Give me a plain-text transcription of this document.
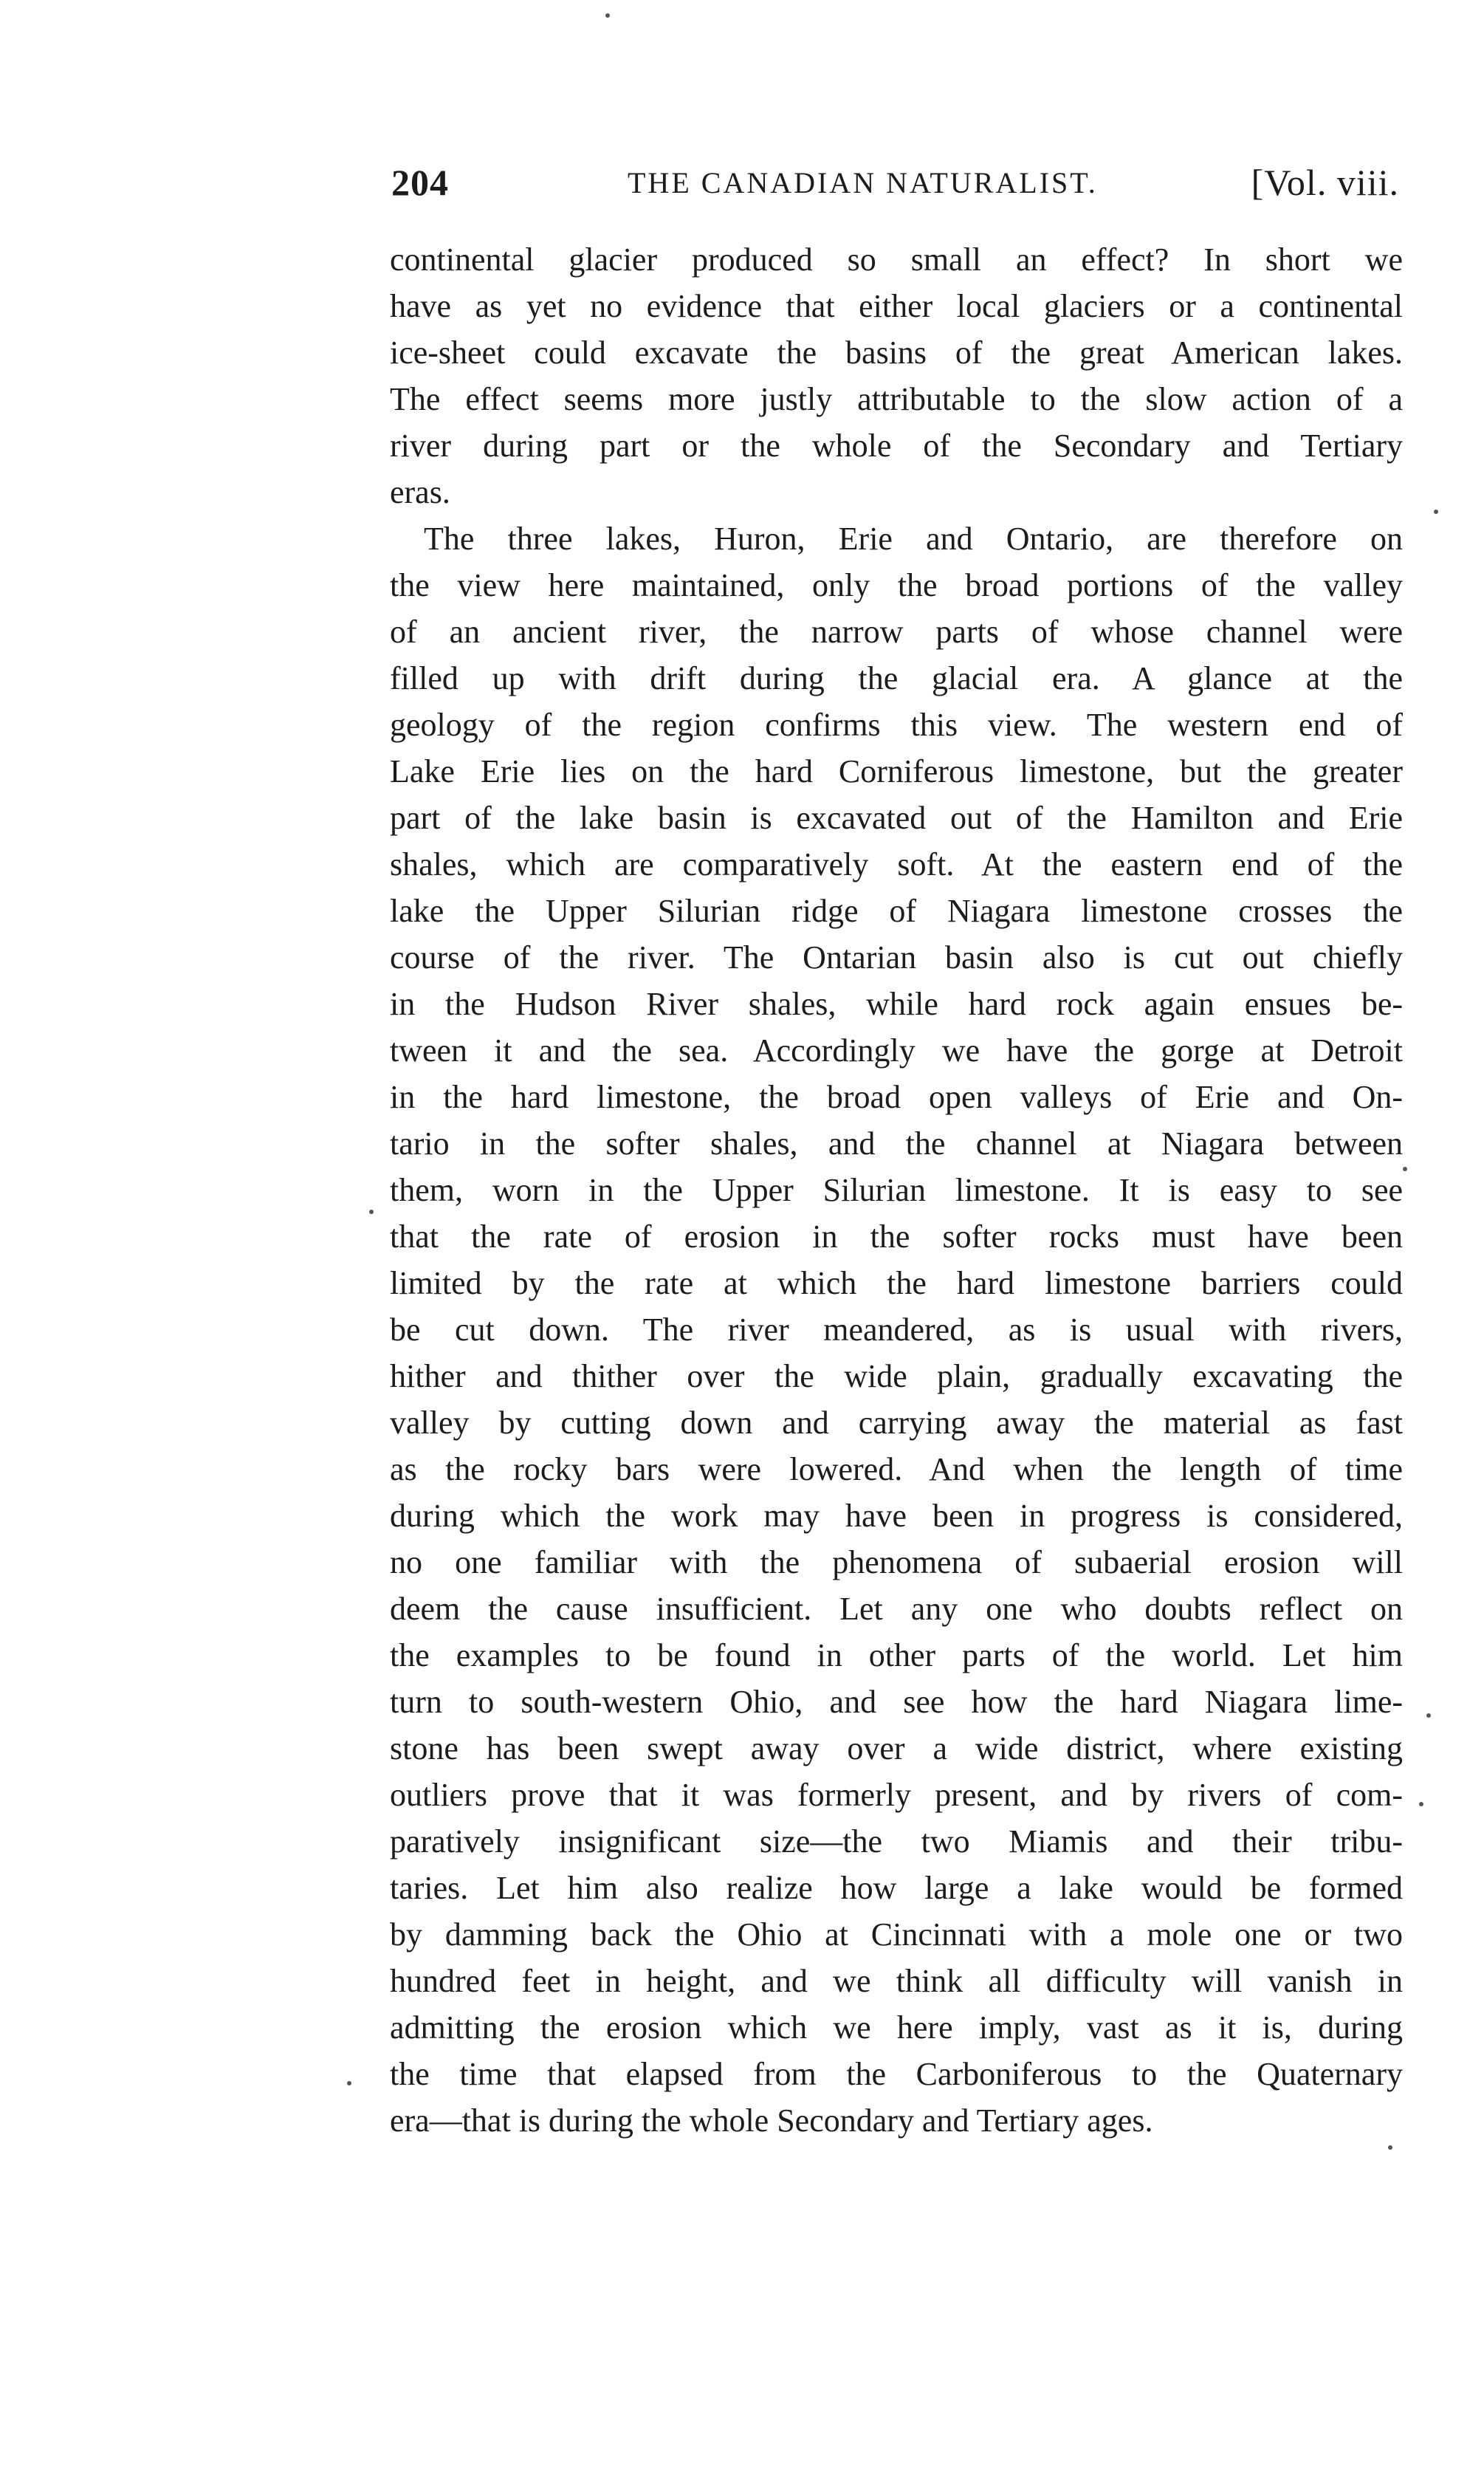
204	THE CANADIAN NATURALIST.	[Vol. viii.
continental glacier produced so small an effect? In short we
have as yet no evidence that either local glaciers or a continental
ice-sheet could excavate the basins of the great American lakes.
The effect seems more justly attributable to the slow action of a
river during part or the whole of the Secondary and Tertiary
eras.
The three lakes, Huron, Erie and Ontario, are therefore on
the view here maintained, only the broad portions of the valley
of an ancient river, the narrow parts of whose channel were
filled up with drift during the glacial era. A glance at the
geology of the region confirms this view. The western end of
Lake Erie lies on the hard Corniferous limestone, but the greater
part of the lake basin is excavated out of the Hamilton and Erie
shales, which are comparatively soft. At the eastern end of the
lake the Upper Silurian ridge of Niagara limestone crosses the
course of the river. The Ontarian basin also is cut out chiefly
in the Hudson River shales, while hard rock again ensues be-
tween it and the sea. Accordingly we have the gorge at Detroit
in the hard limestone, the broad open valleys of Erie and On-
tario in the softer shales, and the channel at Niagara between
them, worn in the Upper Silurian limestone. It is easy to see
that the rate of erosion in the softer rocks must have been
limited by the rate at which the hard limestone barriers could
be cut down. The river meandered, as is usual with rivers,
hither and thither over the wide plain, gradually excavating the
valley by cutting down and carrying away the material as fast
as the rocky bars were lowered. And when the length of time
during which the work may have been in progress is considered,
no one familiar with the phenomena of subaerial erosion will
deem the cause insufficient. Let any one who doubts reflect on
the examples to be found in other parts of the world. Let him
turn to south-western Ohio, and see how the hard Niagara lime-
stone has been swept away over a wide district, where existing
outliers prove that it was formerly present, and by rivers of com-
paratively insignificant size—the two Miamis and their tribu-
taries. Let him also realize how large a lake would be formed
by damming back the Ohio at Cincinnati with a mole one or two
hundred feet in height, and we think all difficulty will vanish in
admitting the erosion which we here imply, vast as it is, during
the time that elapsed from the Carboniferous to the Quaternary
era—that is during the whole Secondary and Tertiary ages.
